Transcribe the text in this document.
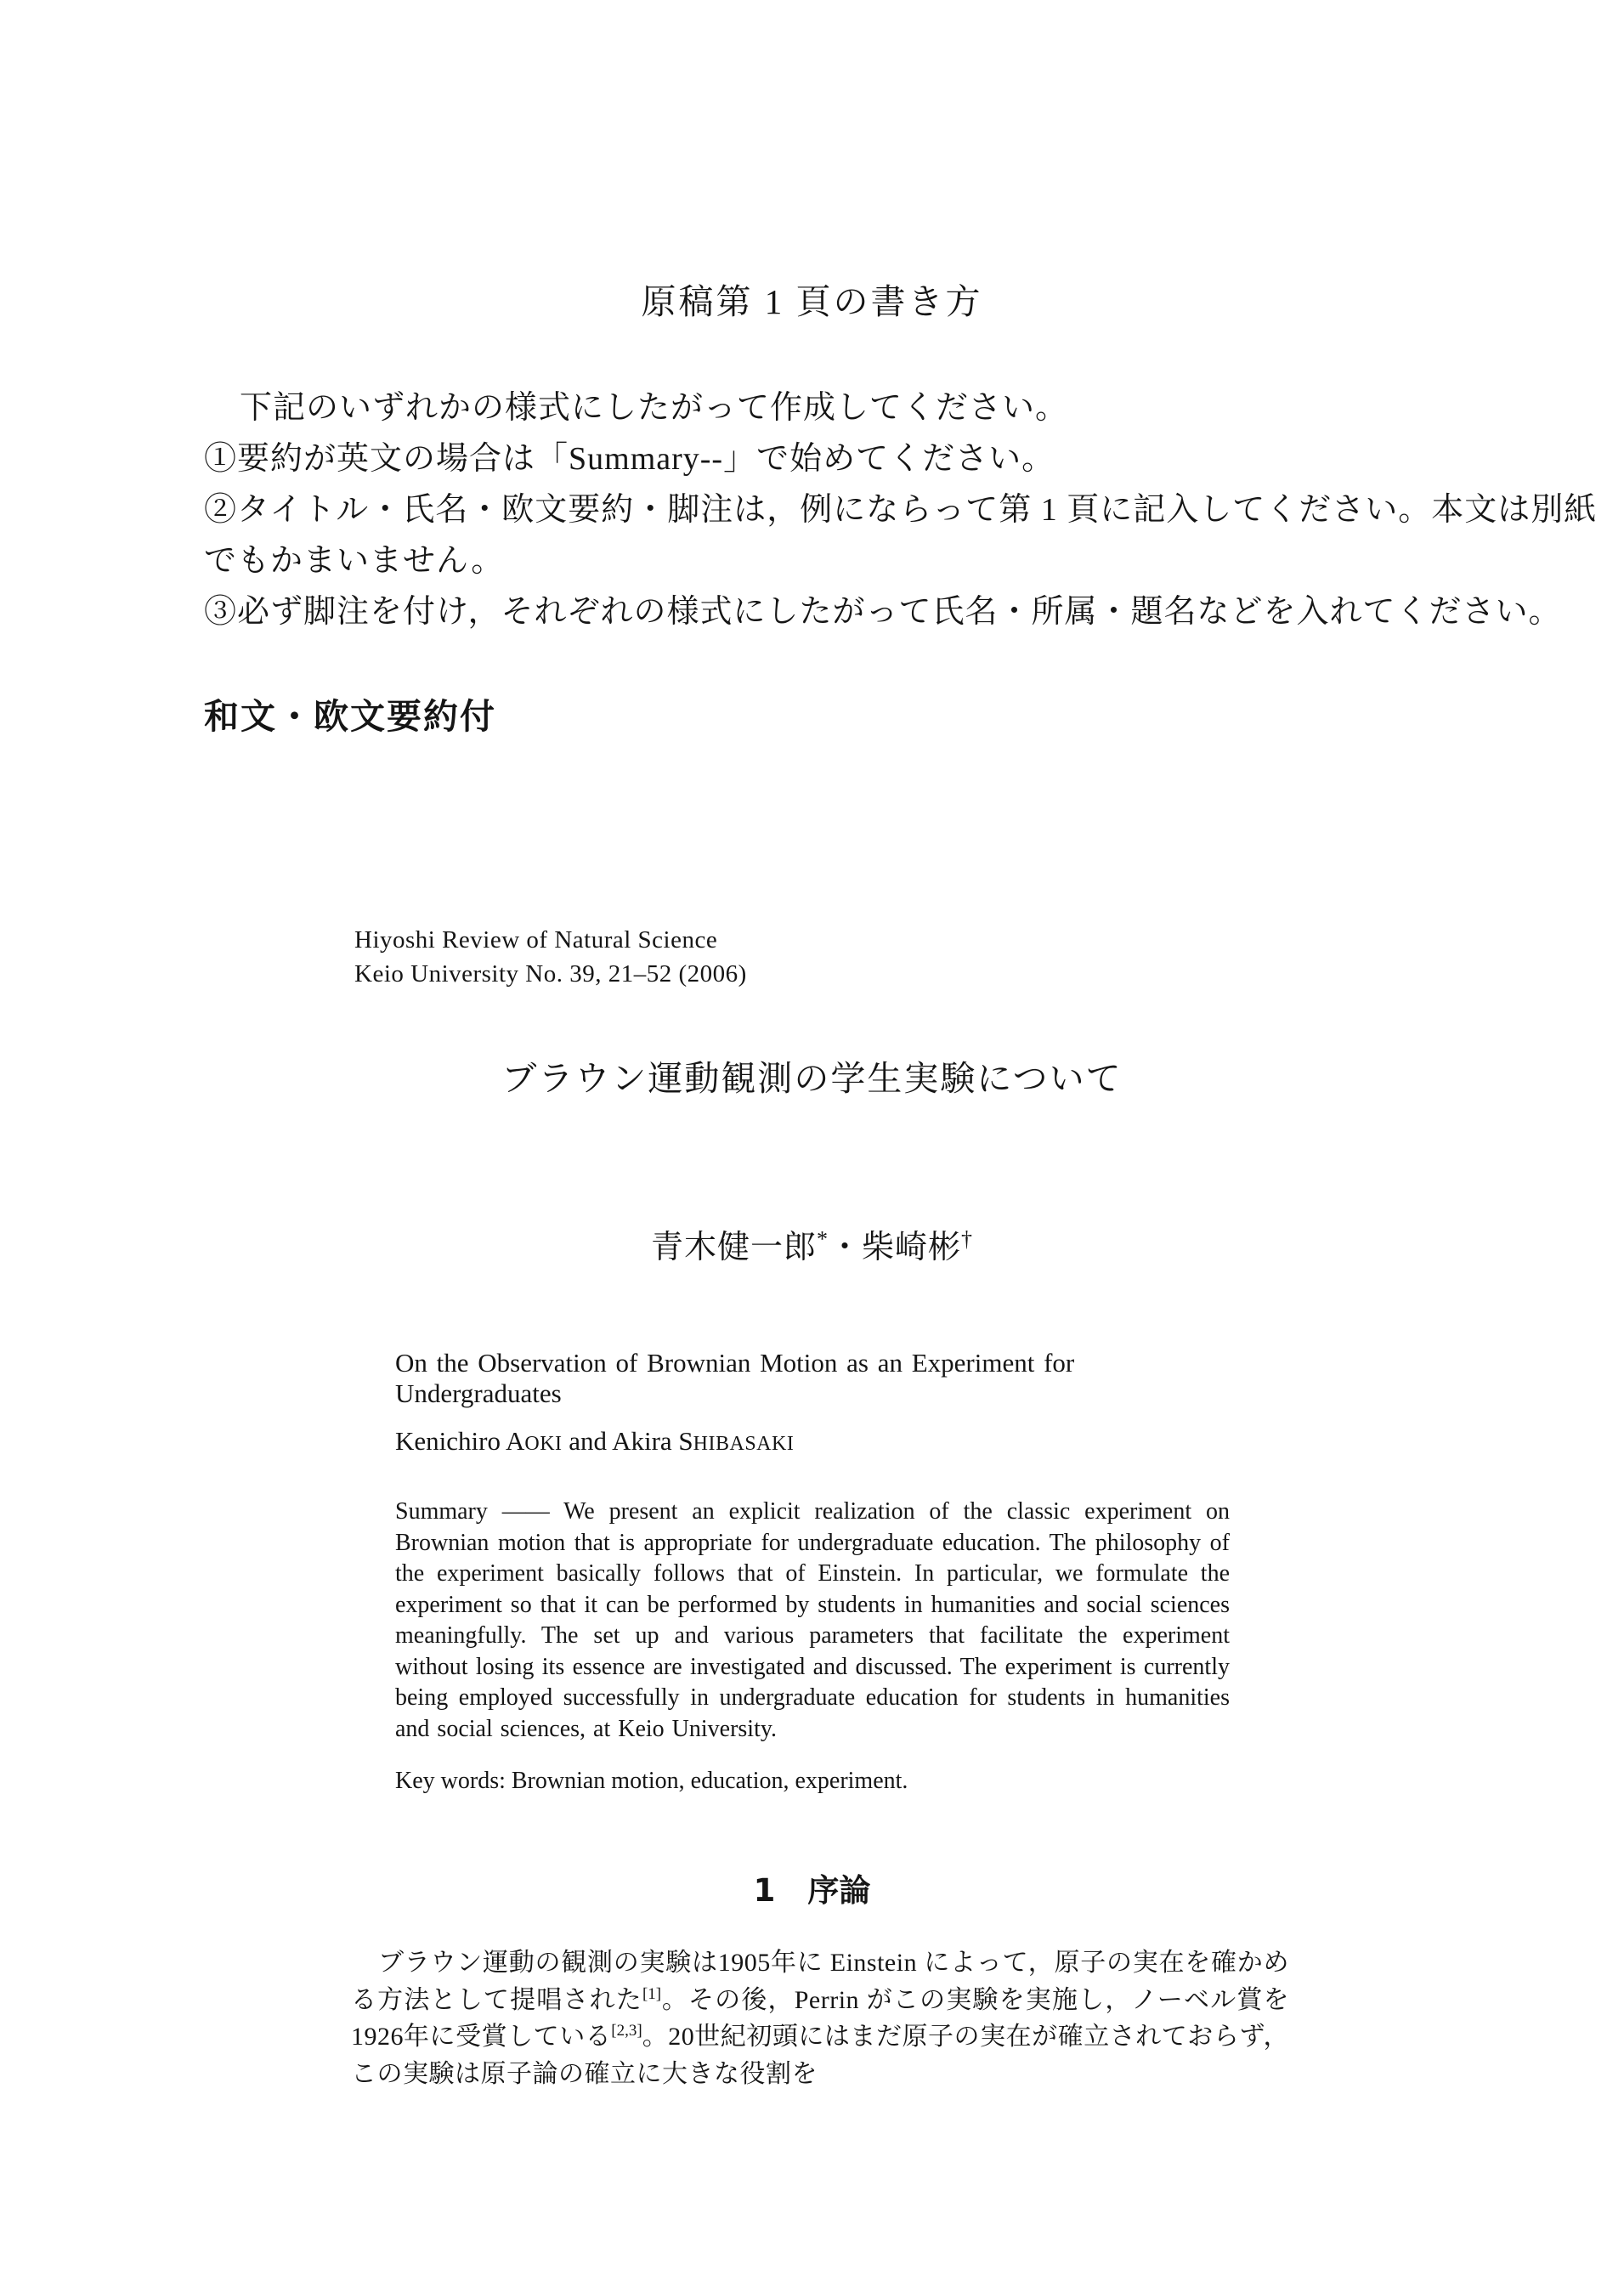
原稿第 1 頁の書き方
下記のいずれかの様式にしたがって作成してください。
①要約が英文の場合は「Summary--」で始めてください。
②タイトル・氏名・欧文要約・脚注は，例にならって第 1 頁に記入してください。本文は別紙
でもかまいません。
③必ず脚注を付け，それぞれの様式にしたがって氏名・所属・題名などを入れてください。
和文・欧文要約付
Hiyoshi Review of Natural Science
Keio University No. 39, 21–52 (2006)
ブラウン運動観測の学生実験について
青木健一郎*・柴崎彬†
On the Observation of Brownian Motion as an Experiment for Undergraduates
Kenichiro AOKI and Akira SHIBASAKI
Summary —— We present an explicit realization of the classic experiment on Brownian motion that is appropriate for undergraduate education. The philosophy of the experiment basically follows that of Einstein. In particular, we formulate the experiment so that it can be performed by students in humanities and social sciences meaningfully. The set up and various parameters that facilitate the experiment without losing its essence are investigated and discussed. The experiment is currently being employed successfully in undergraduate education for students in humanities and social sciences, at Keio University.
Key words: Brownian motion, education, experiment.
1 序論
ブラウン運動の観測の実験は1905年に Einstein によって，原子の実在を確かめる方法として提唱された[1]。その後，Perrin がこの実験を実施し，ノーベル賞を1926年に受賞している[2,3]。20世紀初頭にはまだ原子の実在が確立されておらず，この実験は原子論の確立に大きな役割を
